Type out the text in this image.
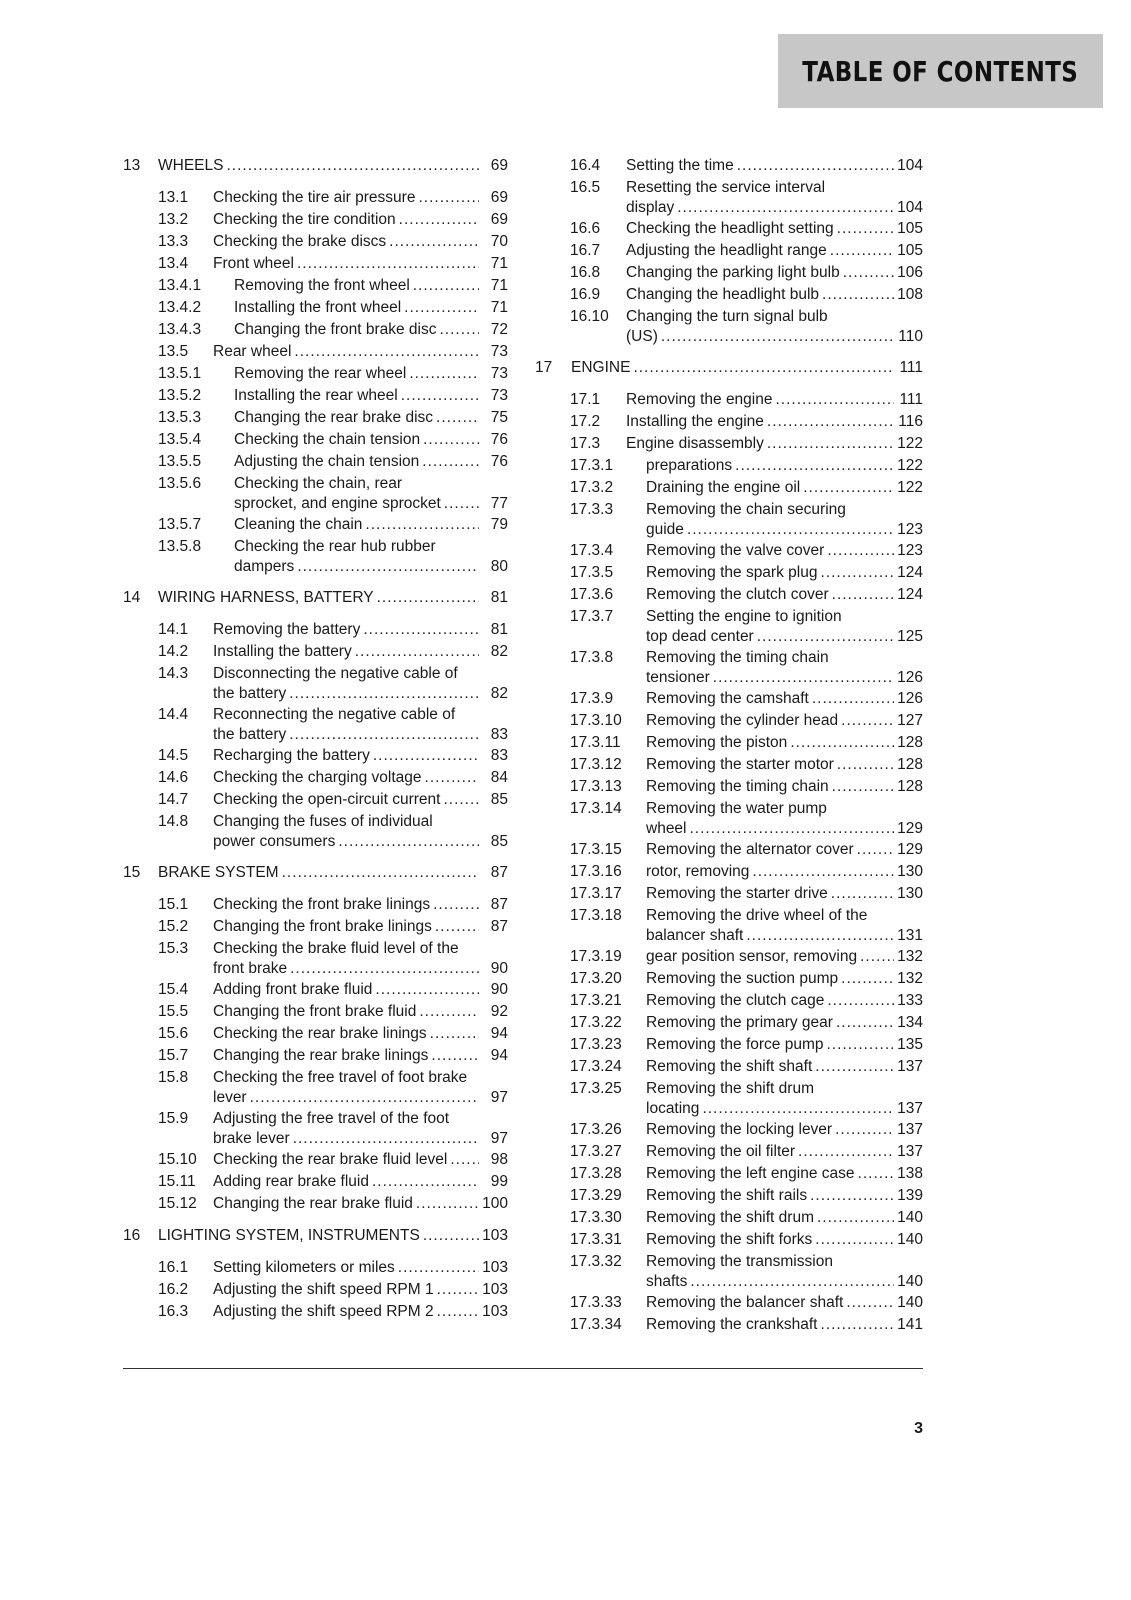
TABLE OF CONTENTS
13 WHEELS .....	69
13.1 Checking the tire air pressure .....	69
13.2 Checking the tire condition .....	69
13.3 Checking the brake discs .....	70
13.4 Front wheel .....	71
13.4.1 Removing the front wheel .....	71
13.4.2 Installing the front wheel .....	71
13.4.3 Changing the front brake disc .....	72
13.5 Rear wheel .....	73
13.5.1 Removing the rear wheel .....	73
13.5.2 Installing the rear wheel .....	73
13.5.3 Changing the rear brake disc .....	75
13.5.4 Checking the chain tension .....	76
13.5.5 Adjusting the chain tension .....	76
13.5.6 Checking the chain, rear
sprocket, and engine sprocket .....	77
13.5.7 Cleaning the chain .....	79
13.5.8 Checking the rear hub rubber
dampers .....	80
14 WIRING HARNESS, BATTERY .....	81
14.1 Removing the battery .....	81
14.2 Installing the battery .....	82
14.3 Disconnecting the negative cable of
the battery .....	82
14.4 Reconnecting the negative cable of
the battery .....	83
14.5 Recharging the battery .....	83
14.6 Checking the charging voltage .....	84
14.7 Checking the open-circuit current .....	85
14.8 Changing the fuses of individual
power consumers .....	85
15 BRAKE SYSTEM .....	87
15.1 Checking the front brake linings .....	87
15.2 Changing the front brake linings .....	87
15.3 Checking the brake fluid level of the
front brake .....	90
15.4 Adding front brake fluid .....	90
15.5 Changing the front brake fluid .....	92
15.6 Checking the rear brake linings .....	94
15.7 Changing the rear brake linings .....	94
15.8 Checking the free travel of foot brake
lever .....	97
15.9 Adjusting the free travel of the foot
brake lever .....	97
15.10 Checking the rear brake fluid level .....	98
15.11 Adding rear brake fluid .....	99
15.12 Changing the rear brake fluid .....	100
16 LIGHTING SYSTEM, INSTRUMENTS .....	103
16.1 Setting kilometers or miles .....	103
16.2 Adjusting the shift speed RPM 1 .....	103
16.3 Adjusting the shift speed RPM 2 .....	103
16.4 Setting the time .....	104
16.5 Resetting the service interval
display .....	104
16.6 Checking the headlight setting .....	105
16.7 Adjusting the headlight range .....	105
16.8 Changing the parking light bulb .....	106
16.9 Changing the headlight bulb .....	108
16.10 Changing the turn signal bulb
(US) .....	110
17 ENGINE .....	111
17.1 Removing the engine .....	111
17.2 Installing the engine .....	116
17.3 Engine disassembly .....	122
17.3.1 preparations .....	122
17.3.2 Draining the engine oil .....	122
17.3.3 Removing the chain securing
guide .....	123
17.3.4 Removing the valve cover .....	123
17.3.5 Removing the spark plug .....	124
17.3.6 Removing the clutch cover .....	124
17.3.7 Setting the engine to ignition
top dead center .....	125
17.3.8 Removing the timing chain
tensioner .....	126
17.3.9 Removing the camshaft .....	126
17.3.10 Removing the cylinder head .....	127
17.3.11 Removing the piston .....	128
17.3.12 Removing the starter motor .....	128
17.3.13 Removing the timing chain .....	128
17.3.14 Removing the water pump
wheel .....	129
17.3.15 Removing the alternator cover .....	129
17.3.16 rotor, removing .....	130
17.3.17 Removing the starter drive .....	130
17.3.18 Removing the drive wheel of the
balancer shaft .....	131
17.3.19 gear position sensor, removing .....	132
17.3.20 Removing the suction pump .....	132
17.3.21 Removing the clutch cage .....	133
17.3.22 Removing the primary gear .....	134
17.3.23 Removing the force pump .....	135
17.3.24 Removing the shift shaft .....	137
17.3.25 Removing the shift drum
locating .....	137
17.3.26 Removing the locking lever .....	137
17.3.27 Removing the oil filter .....	137
17.3.28 Removing the left engine case .....	138
17.3.29 Removing the shift rails .....	139
17.3.30 Removing the shift drum .....	140
17.3.31 Removing the shift forks .....	140
17.3.32 Removing the transmission
shafts .....	140
17.3.33 Removing the balancer shaft .....	140
17.3.34 Removing the crankshaft .....	141
3
